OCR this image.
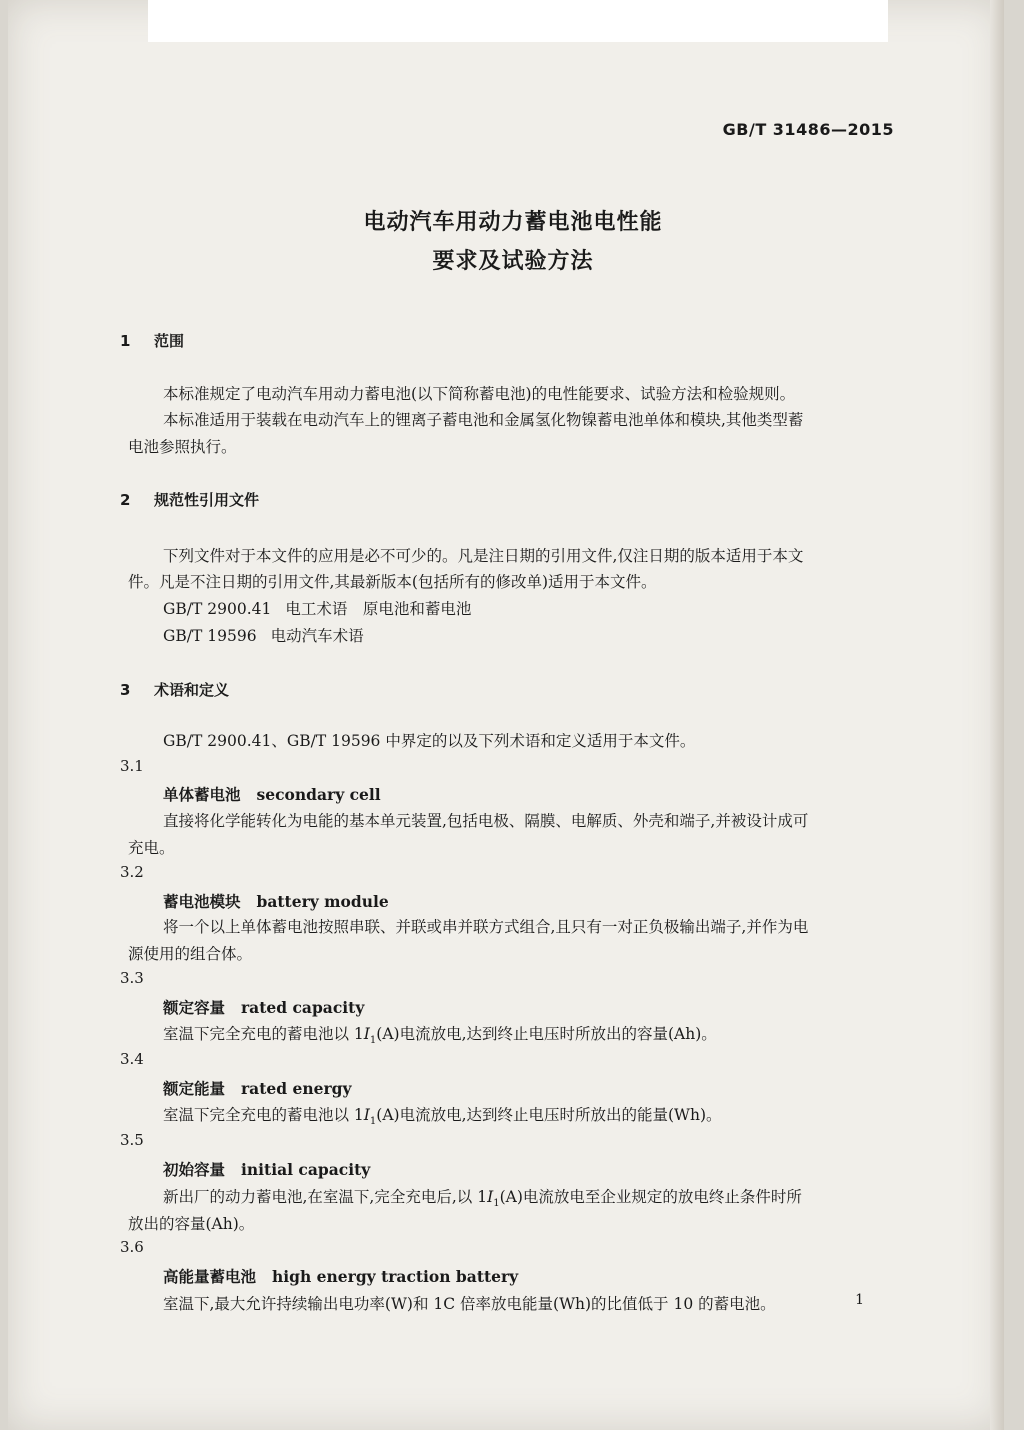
GB/T 31486—2015
电动汽车用动力蓄电池电性能
要求及试验方法
1 范围
本标准规定了电动汽车用动力蓄电池(以下简称蓄电池)的电性能要求、试验方法和检验规则。
本标准适用于装载在电动汽车上的锂离子蓄电池和金属氢化物镍蓄电池单体和模块,其他类型蓄
电池参照执行。
2 规范性引用文件
下列文件对于本文件的应用是必不可少的。凡是注日期的引用文件,仅注日期的版本适用于本文
件。凡是不注日期的引用文件,其最新版本(包括所有的修改单)适用于本文件。
GB/T 2900.41 电工术语　原电池和蓄电池
GB/T 19596 电动汽车术语
3 术语和定义
GB/T 2900.41、GB/T 19596 中界定的以及下列术语和定义适用于本文件。
3.1
单体蓄电池 secondary cell
直接将化学能转化为电能的基本单元装置,包括电极、隔膜、电解质、外壳和端子,并被设计成可
充电。
3.2
蓄电池模块 battery module
将一个以上单体蓄电池按照串联、并联或串并联方式组合,且只有一对正负极输出端子,并作为电
源使用的组合体。
3.3
额定容量 rated capacity
室温下完全充电的蓄电池以 $1I_1(A)$电流放电,达到终止电压时所放出的容量(Ah)。
3.4
额定能量 rated energy
室温下完全充电的蓄电池以 $1I_1(A)$电流放电,达到终止电压时所放出的能量(Wh)。
3.5
初始容量 initial capacity
新出厂的动力蓄电池,在室温下,完全充电后,以 $1I_1(A)$电流放电至企业规定的放电终止条件时所
放出的容量(Ah)。
3.6
高能量蓄电池 high energy traction battery
室温下,最大允许持续输出电功率(W)和 1C 倍率放电能量(Wh)的比值低于 10 的蓄电池。	1
